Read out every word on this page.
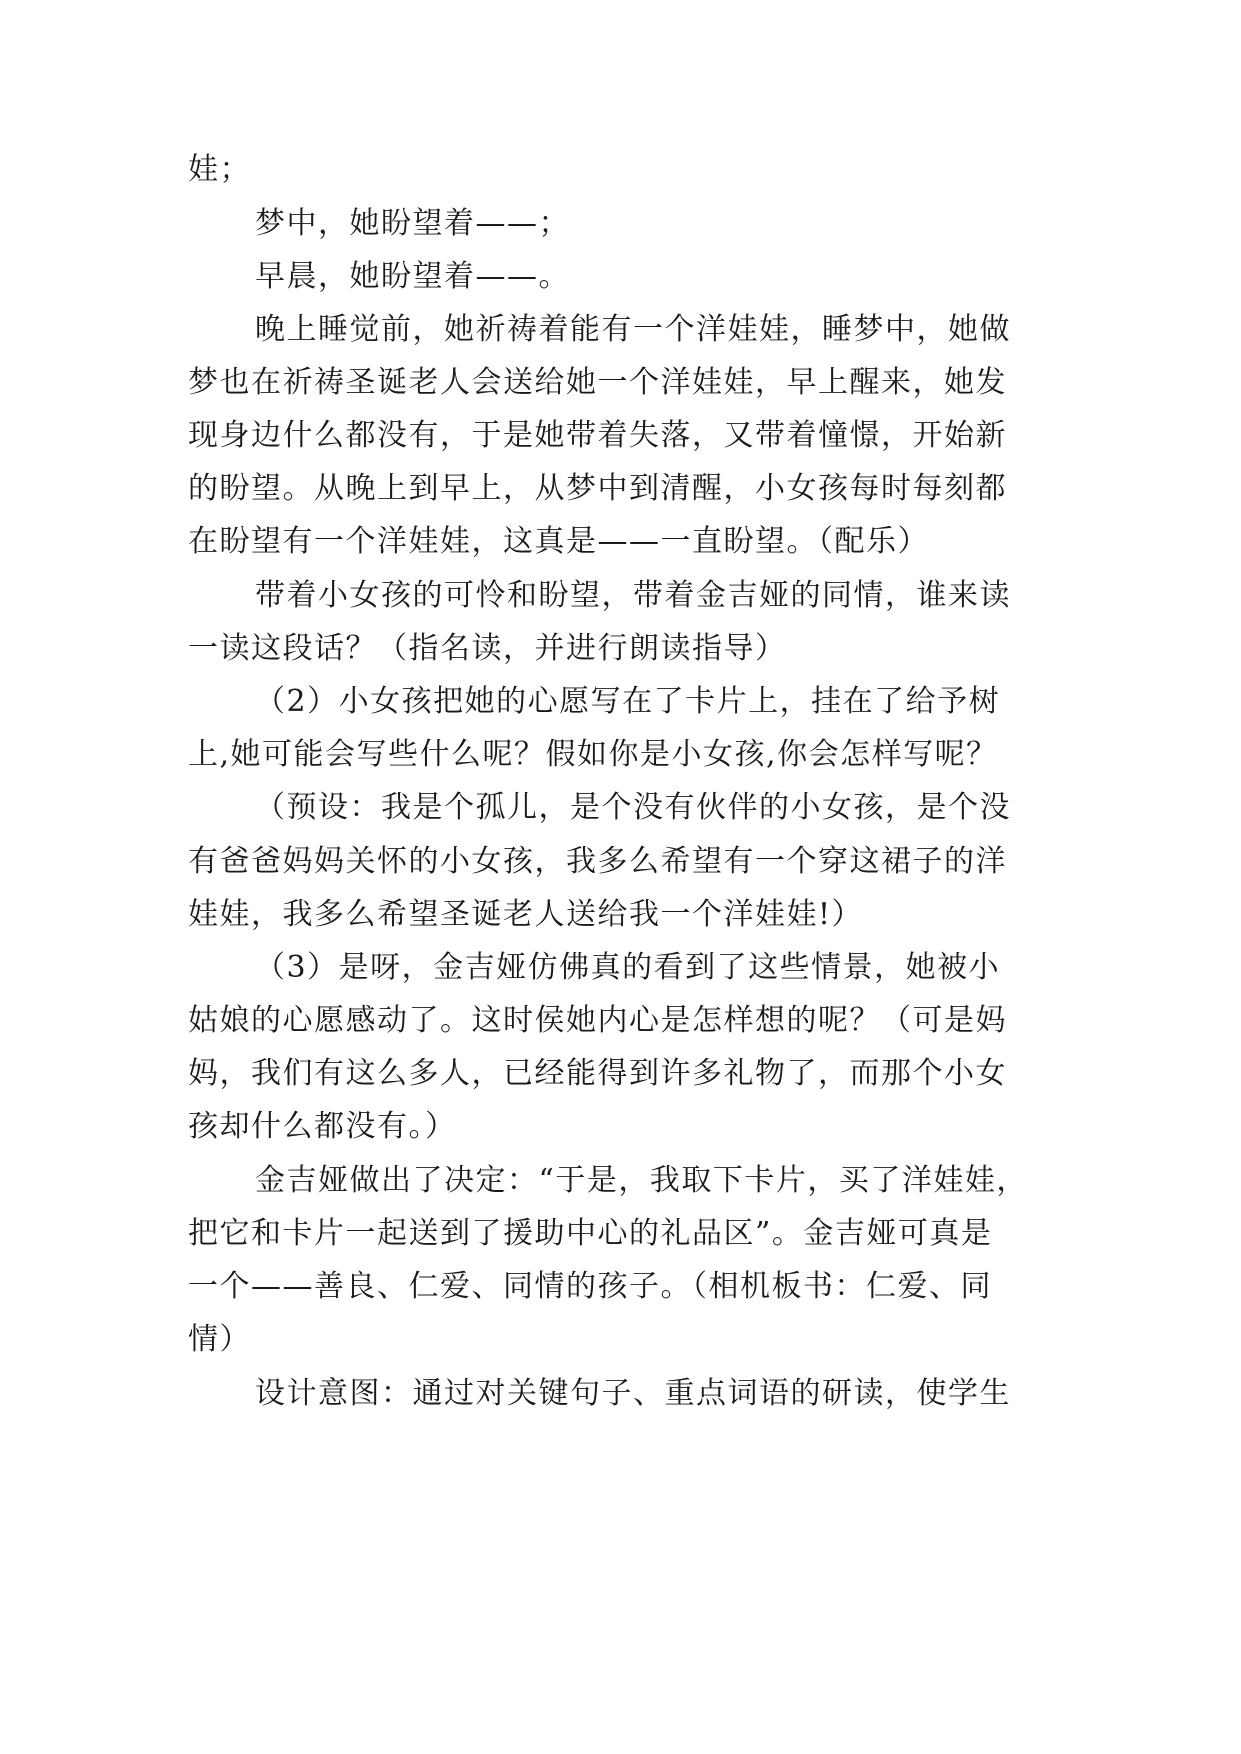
娃；
梦中，她盼望着——；
早晨，她盼望着——。
晚上睡觉前，她祈祷着能有一个洋娃娃，睡梦中，她做
梦也在祈祷圣诞老人会送给她一个洋娃娃，早上醒来，她发
现身边什么都没有，于是她带着失落，又带着憧憬，开始新
的盼望。从晚上到早上，从梦中到清醒，小女孩每时每刻都
在盼望有一个洋娃娃，这真是——一直盼望。（配乐）
带着小女孩的可怜和盼望，带着金吉娅的同情，谁来读
一读这段话？（指名读，并进行朗读指导）
（2）小女孩把她的心愿写在了卡片上，挂在了给予树
上,她可能会写些什么呢？假如你是小女孩,你会怎样写呢？
（预设：我是个孤儿，是个没有伙伴的小女孩，是个没
有爸爸妈妈关怀的小女孩，我多么希望有一个穿这裙子的洋
娃娃，我多么希望圣诞老人送给我一个洋娃娃!）
（3）是呀，金吉娅仿佛真的看到了这些情景，她被小
姑娘的心愿感动了。这时侯她内心是怎样想的呢？（可是妈
妈，我们有这么多人，已经能得到许多礼物了，而那个小女
孩却什么都没有。）
金吉娅做出了决定：“于是，我取下卡片，买了洋娃娃，
把它和卡片一起送到了援助中心的礼品区”。金吉娅可真是
一个——善良、仁爱、同情的孩子。（相机板书：仁爱、同
情）
设计意图：通过对关键句子、重点词语的研读，使学生
